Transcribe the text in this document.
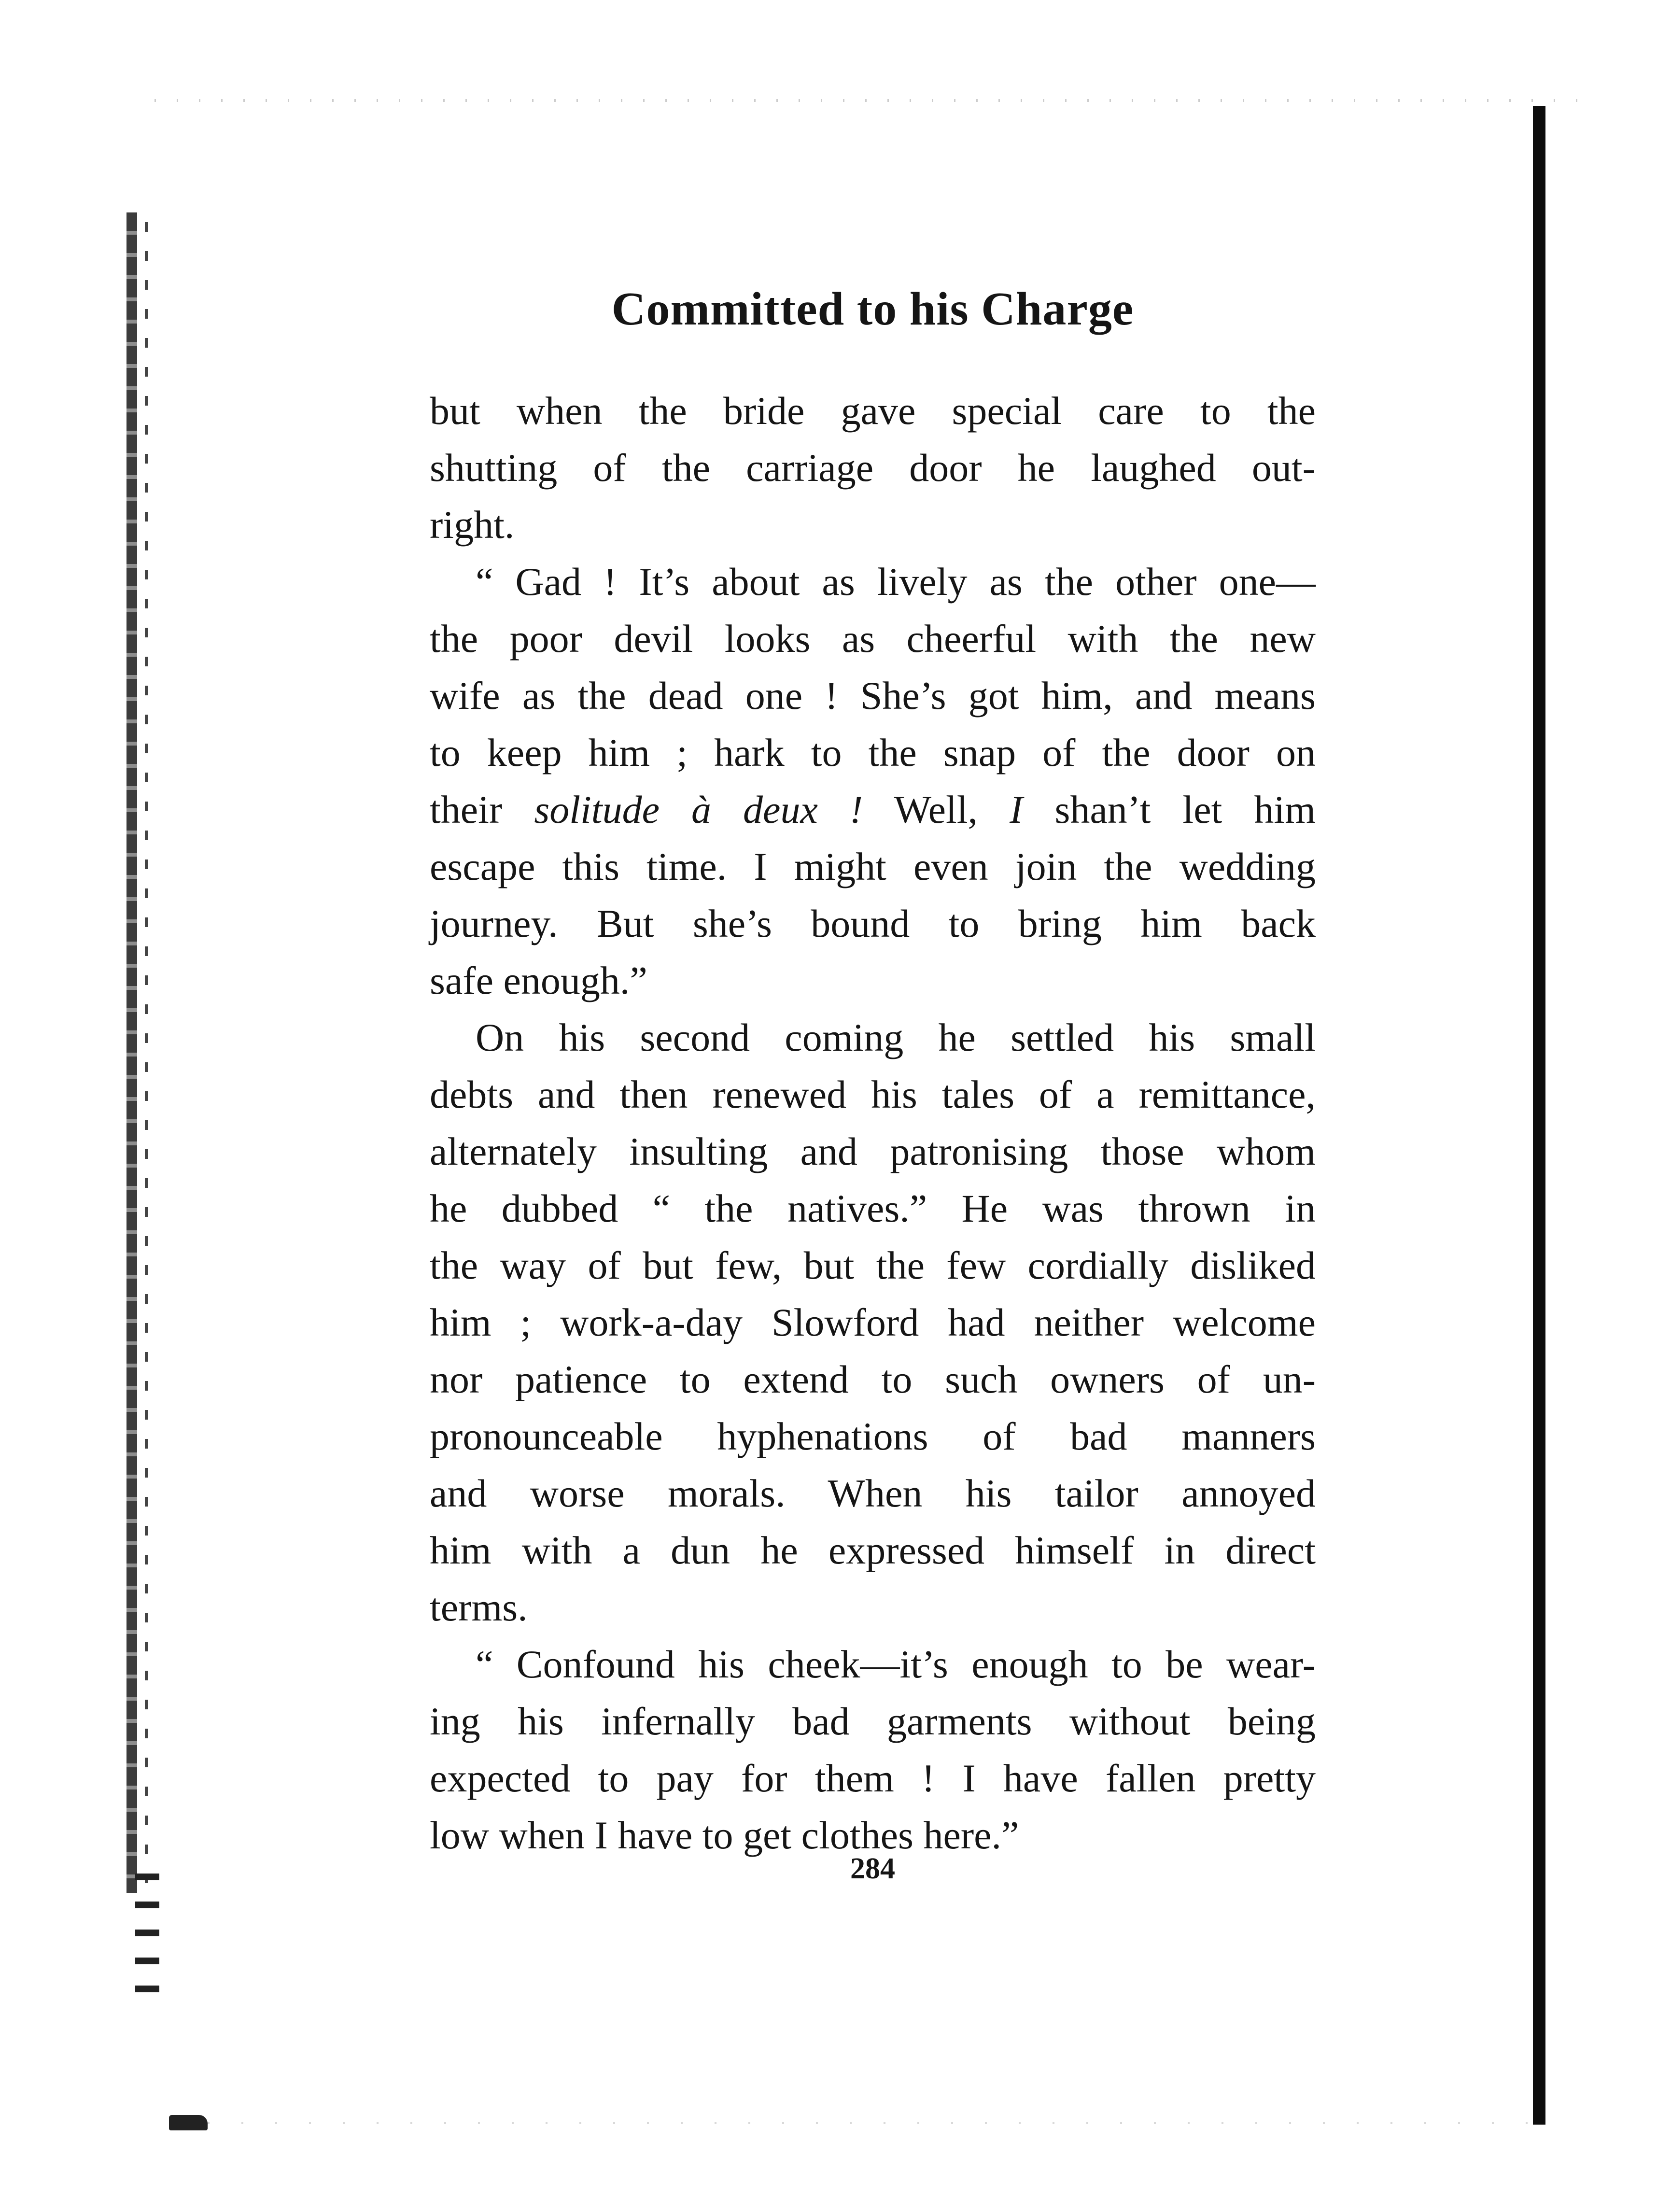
Committed to his Charge
but when the bride gave special care to the
shutting of the carriage door he laughed out-
right.
“ Gad ! It’s about as lively as the other one—
the poor devil looks as cheerful with the new
wife as the dead one ! She’s got him, and means
to keep him ; hark to the snap of the door on
their solitude à deux ! Well, I shan’t let him
escape this time. I might even join the wedding
journey. But she’s bound to bring him back
safe enough.”
On his second coming he settled his small
debts and then renewed his tales of a remittance,
alternately insulting and patronising those whom
he dubbed “ the natives.” He was thrown in
the way of but few, but the few cordially disliked
him ; work-a-day Slowford had neither welcome
nor patience to extend to such owners of un-
pronounceable hyphenations of bad manners
and worse morals. When his tailor annoyed
him with a dun he expressed himself in direct
terms.
“ Confound his cheek—it’s enough to be wear-
ing his infernally bad garments without being
expected to pay for them ! I have fallen pretty
low when I have to get clothes here.”
284
